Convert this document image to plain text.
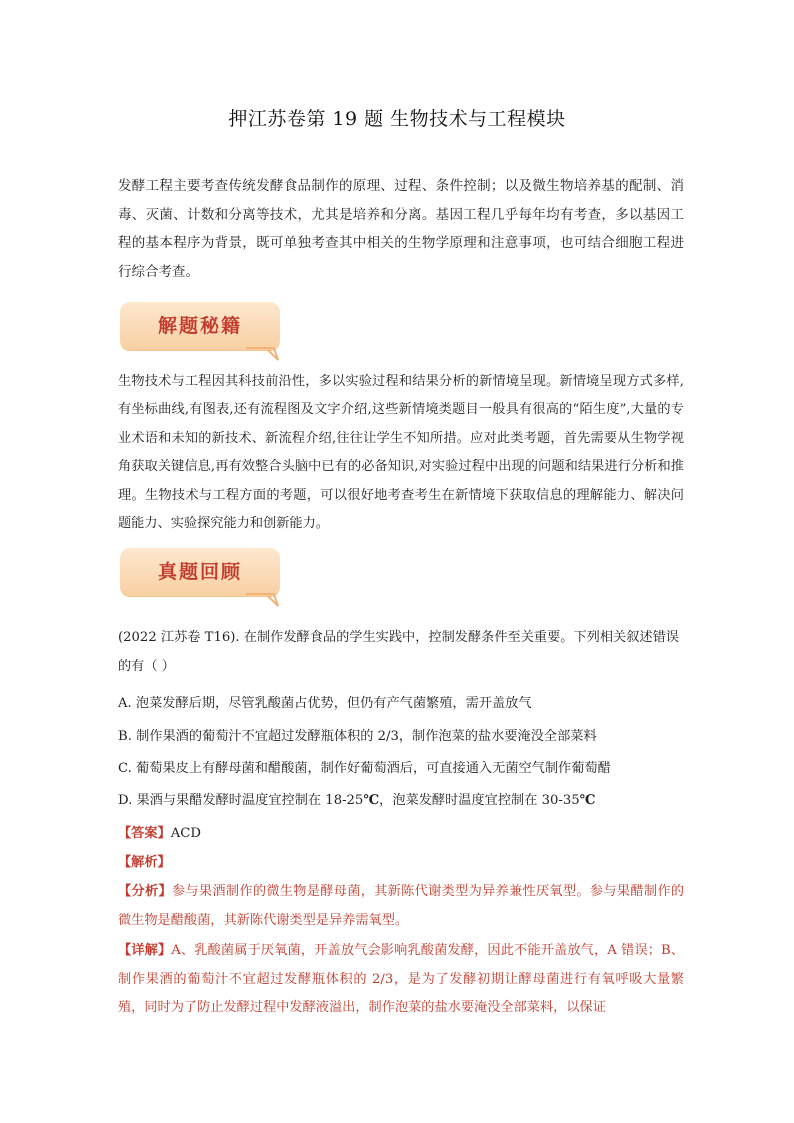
押江苏卷第 19 题 生物技术与工程模块

发酵工程主要考查传统发酵食品制作的原理、过程、条件控制；以及微生物培养基的配制、消毒、灭菌、计数和分离等技术，尤其是培养和分离。基因工程几乎每年均有考查，多以基因工程的基本程序为背景，既可单独考查其中相关的生物学原理和注意事项，也可结合细胞工程进行综合考查。

解题秘籍

生物技术与工程因其科技前沿性，多以实验过程和结果分析的新情境呈现。新情境呈现方式多样,有坐标曲线,有图表,还有流程图及文字介绍,这些新情境类题目一般具有很高的“陌生度”,大量的专业术语和未知的新技术、新流程介绍,往往让学生不知所措。应对此类考题，首先需要从生物学视角获取关键信息,再有效整合头脑中已有的必备知识,对实验过程中出现的问题和结果进行分析和推理。生物技术与工程方面的考题，可以很好地考查考生在新情境下获取信息的理解能力、解决问题能力、实验探究能力和创新能力。

真题回顾
(2022 江苏卷 T16). 在制作发酵食品的学生实践中，控制发酵条件至关重要。下列相关叙述错误的有（ ）
A. 泡菜发酵后期，尽管乳酸菌占优势，但仍有产气菌繁殖，需开盖放气
B. 制作果酒的葡萄汁不宜超过发酵瓶体积的 2/3，制作泡菜的盐水要淹没全部菜料
C. 葡萄果皮上有酵母菌和醋酸菌，制作好葡萄酒后，可直接通入无菌空气制作葡萄醋
D. 果酒与果醋发酵时温度宜控制在 18-25℃，泡菜发酵时温度宜控制在 30-35℃
【答案】ACD
【解析】
【分析】参与果酒制作的微生物是酵母菌，其新陈代谢类型为异养兼性厌氧型。参与果醋制作的微生物是醋酸菌，其新陈代谢类型是异养需氧型。
【详解】A、乳酸菌属于厌氧菌，开盖放气会影响乳酸菌发酵，因此不能开盖放气，A 错误；B、制作果酒的葡萄汁不宜超过发酵瓶体积的 2/3，是为了发酵初期让酵母菌进行有氧呼吸大量繁殖，同时为了防止发酵过程中发酵液溢出，制作泡菜的盐水要淹没全部菜料，以保证
